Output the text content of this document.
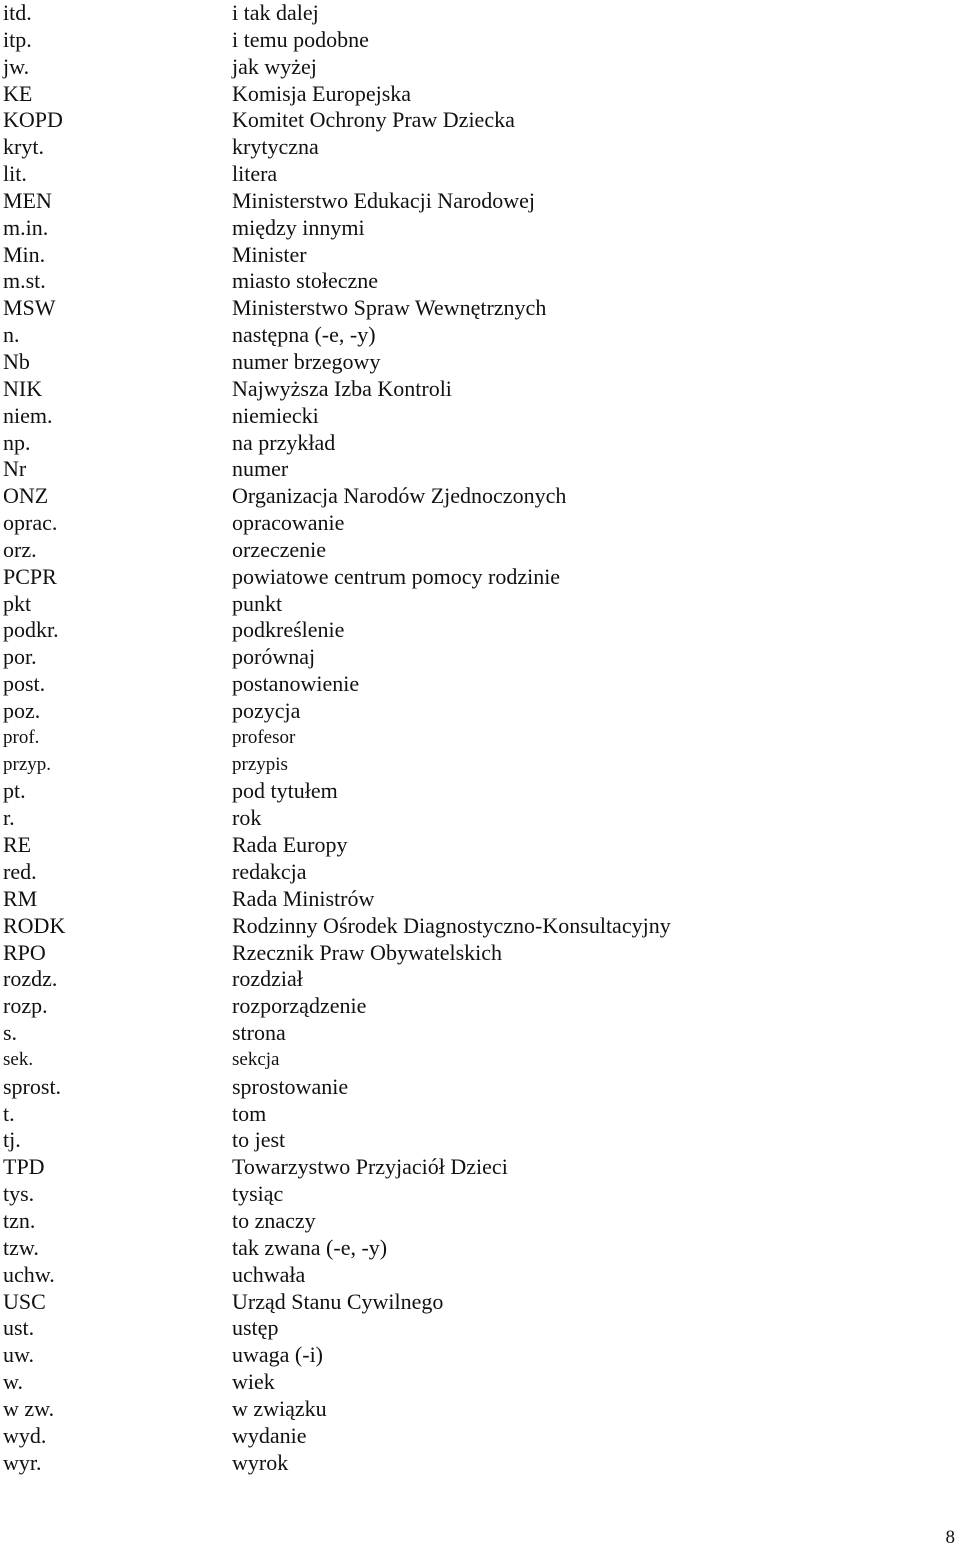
itd.	i tak dalej
itp.	i temu podobne
jw.	jak wyżej
KE	Komisja Europejska
KOPD	Komitet Ochrony Praw Dziecka
kryt.	krytyczna
lit.	litera
MEN	Ministerstwo Edukacji Narodowej
m.in.	między innymi
Min.	Minister
m.st.	miasto stołeczne
MSW	Ministerstwo Spraw Wewnętrznych
n.	następna (-e, -y)
Nb	numer brzegowy
NIK	Najwyższa Izba Kontroli
niem.	niemiecki
np.	na przykład
Nr	numer
ONZ	Organizacja Narodów Zjednoczonych
oprac.	opracowanie
orz.	orzeczenie
PCPR	powiatowe centrum pomocy rodzinie
pkt	punkt
podkr.	podkreślenie
por.	porównaj
post.	postanowienie
poz.	pozycja
prof.	profesor
przyp.	przypis
pt.	pod tytułem
r.	rok
RE	Rada Europy
red.	redakcja
RM	Rada Ministrów
RODK	Rodzinny Ośrodek Diagnostyczno-Konsultacyjny
RPO	Rzecznik Praw Obywatelskich
rozdz.	rozdział
rozp.	rozporządzenie
s.	strona
sek.	sekcja
sprost.	sprostowanie
t.	tom
tj.	to jest
TPD	Towarzystwo Przyjaciół Dzieci
tys.	tysiąc
tzn.	to znaczy
tzw.	tak zwana (-e, -y)
uchw.	uchwała
USC	Urząd Stanu Cywilnego
ust.	ustęp
uw.	uwaga (-i)
w.	wiek
w zw.	w związku
wyd.	wydanie
wyr.	wyrok
8
